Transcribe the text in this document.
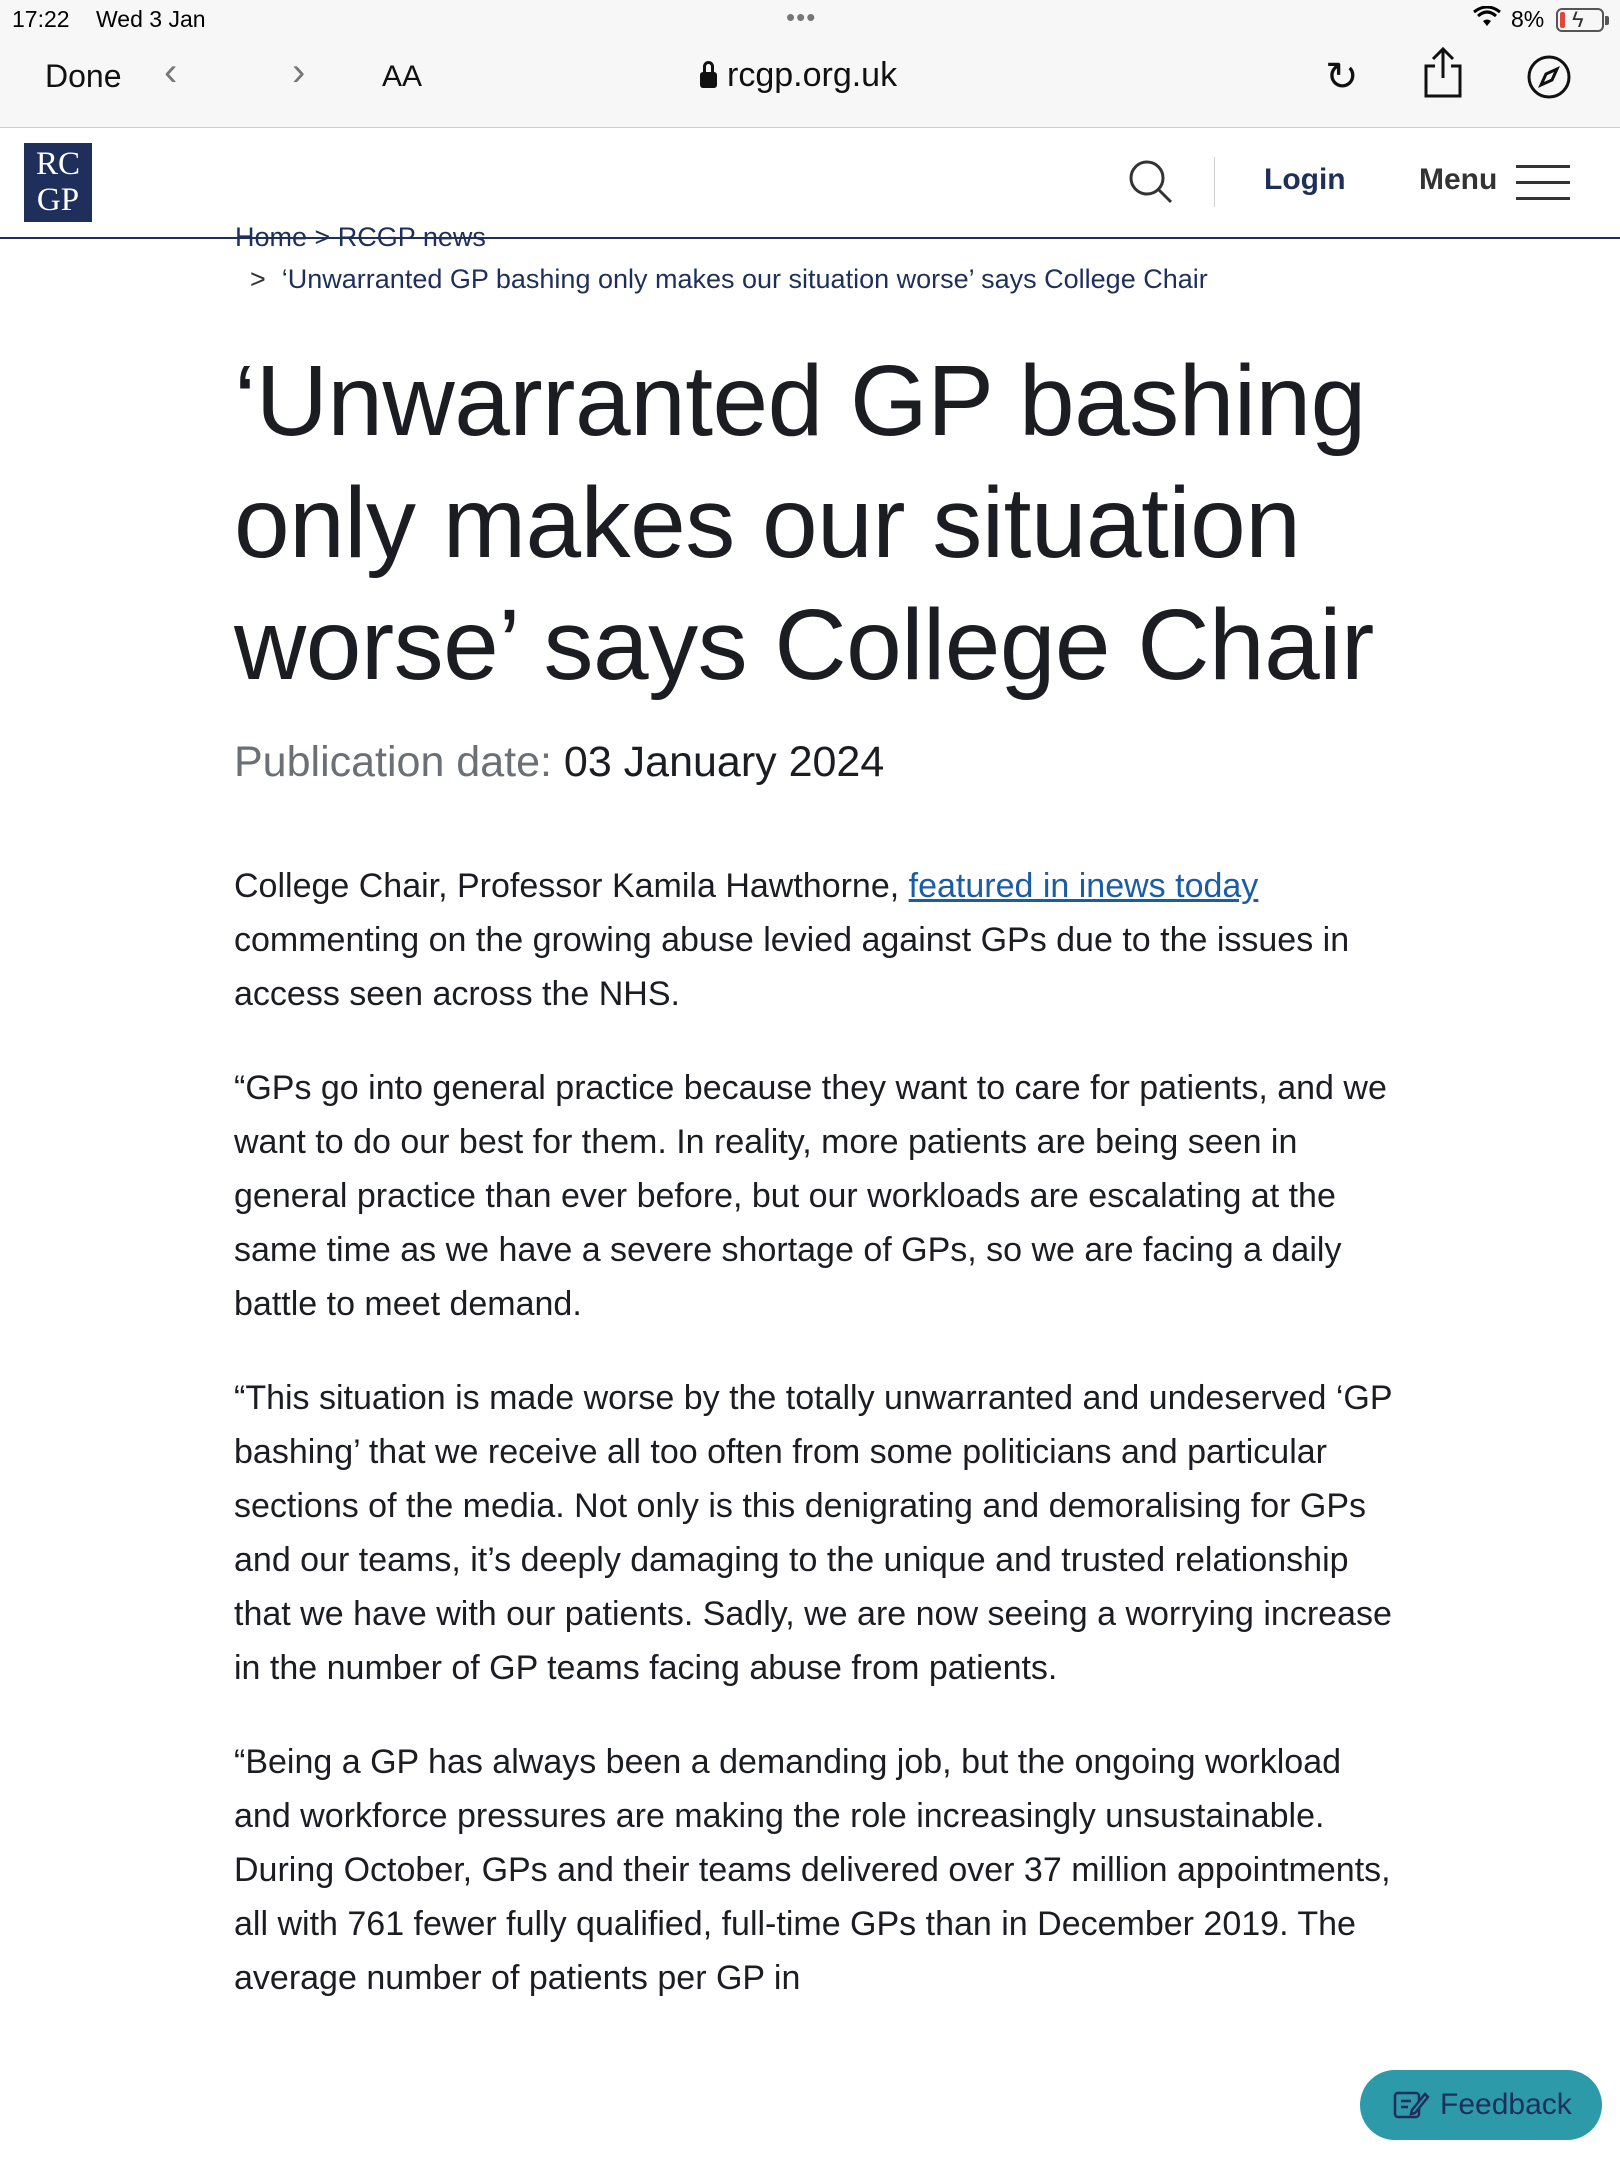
17:22 Wed 3 Jan	•••	8% ϟ
Done ‹	›	AA	rcgp.org.uk	↻
RC
GP
Login Menu
Home > RCGP news
> ‘Unwarranted GP bashing only makes our situation worse’ says College Chair
‘Unwarranted GP bashing only makes our situation worse’ says College Chair
Publication date: 03 January 2024

College Chair, Professor Kamila Hawthorne, featured in inews today commenting on the growing abuse levied against GPs due to the issues in access seen across the NHS.

“GPs go into general practice because they want to care for patients, and we want to do our best for them. In reality, more patients are being seen in general practice than ever before, but our workloads are escalating at the same time as we have a severe shortage of GPs, so we are facing a daily battle to meet demand.

“This situation is made worse by the totally unwarranted and undeserved ‘GP bashing’ that we receive all too often from some politicians and particular sections of the media. Not only is this denigrating and demoralising for GPs and our teams, it’s deeply damaging to the unique and trusted relationship that we have with our patients. Sadly, we are now seeing a worrying increase in the number of GP teams facing abuse from patients.

“Being a GP has always been a demanding job, but the ongoing workload and workforce pressures are making the role increasingly unsustainable. During October, GPs and their teams delivered over 37 million appointments, all with 761 fewer fully qualified, full-time GPs than in December 2019. The average number of patients per GP in

Feedback
